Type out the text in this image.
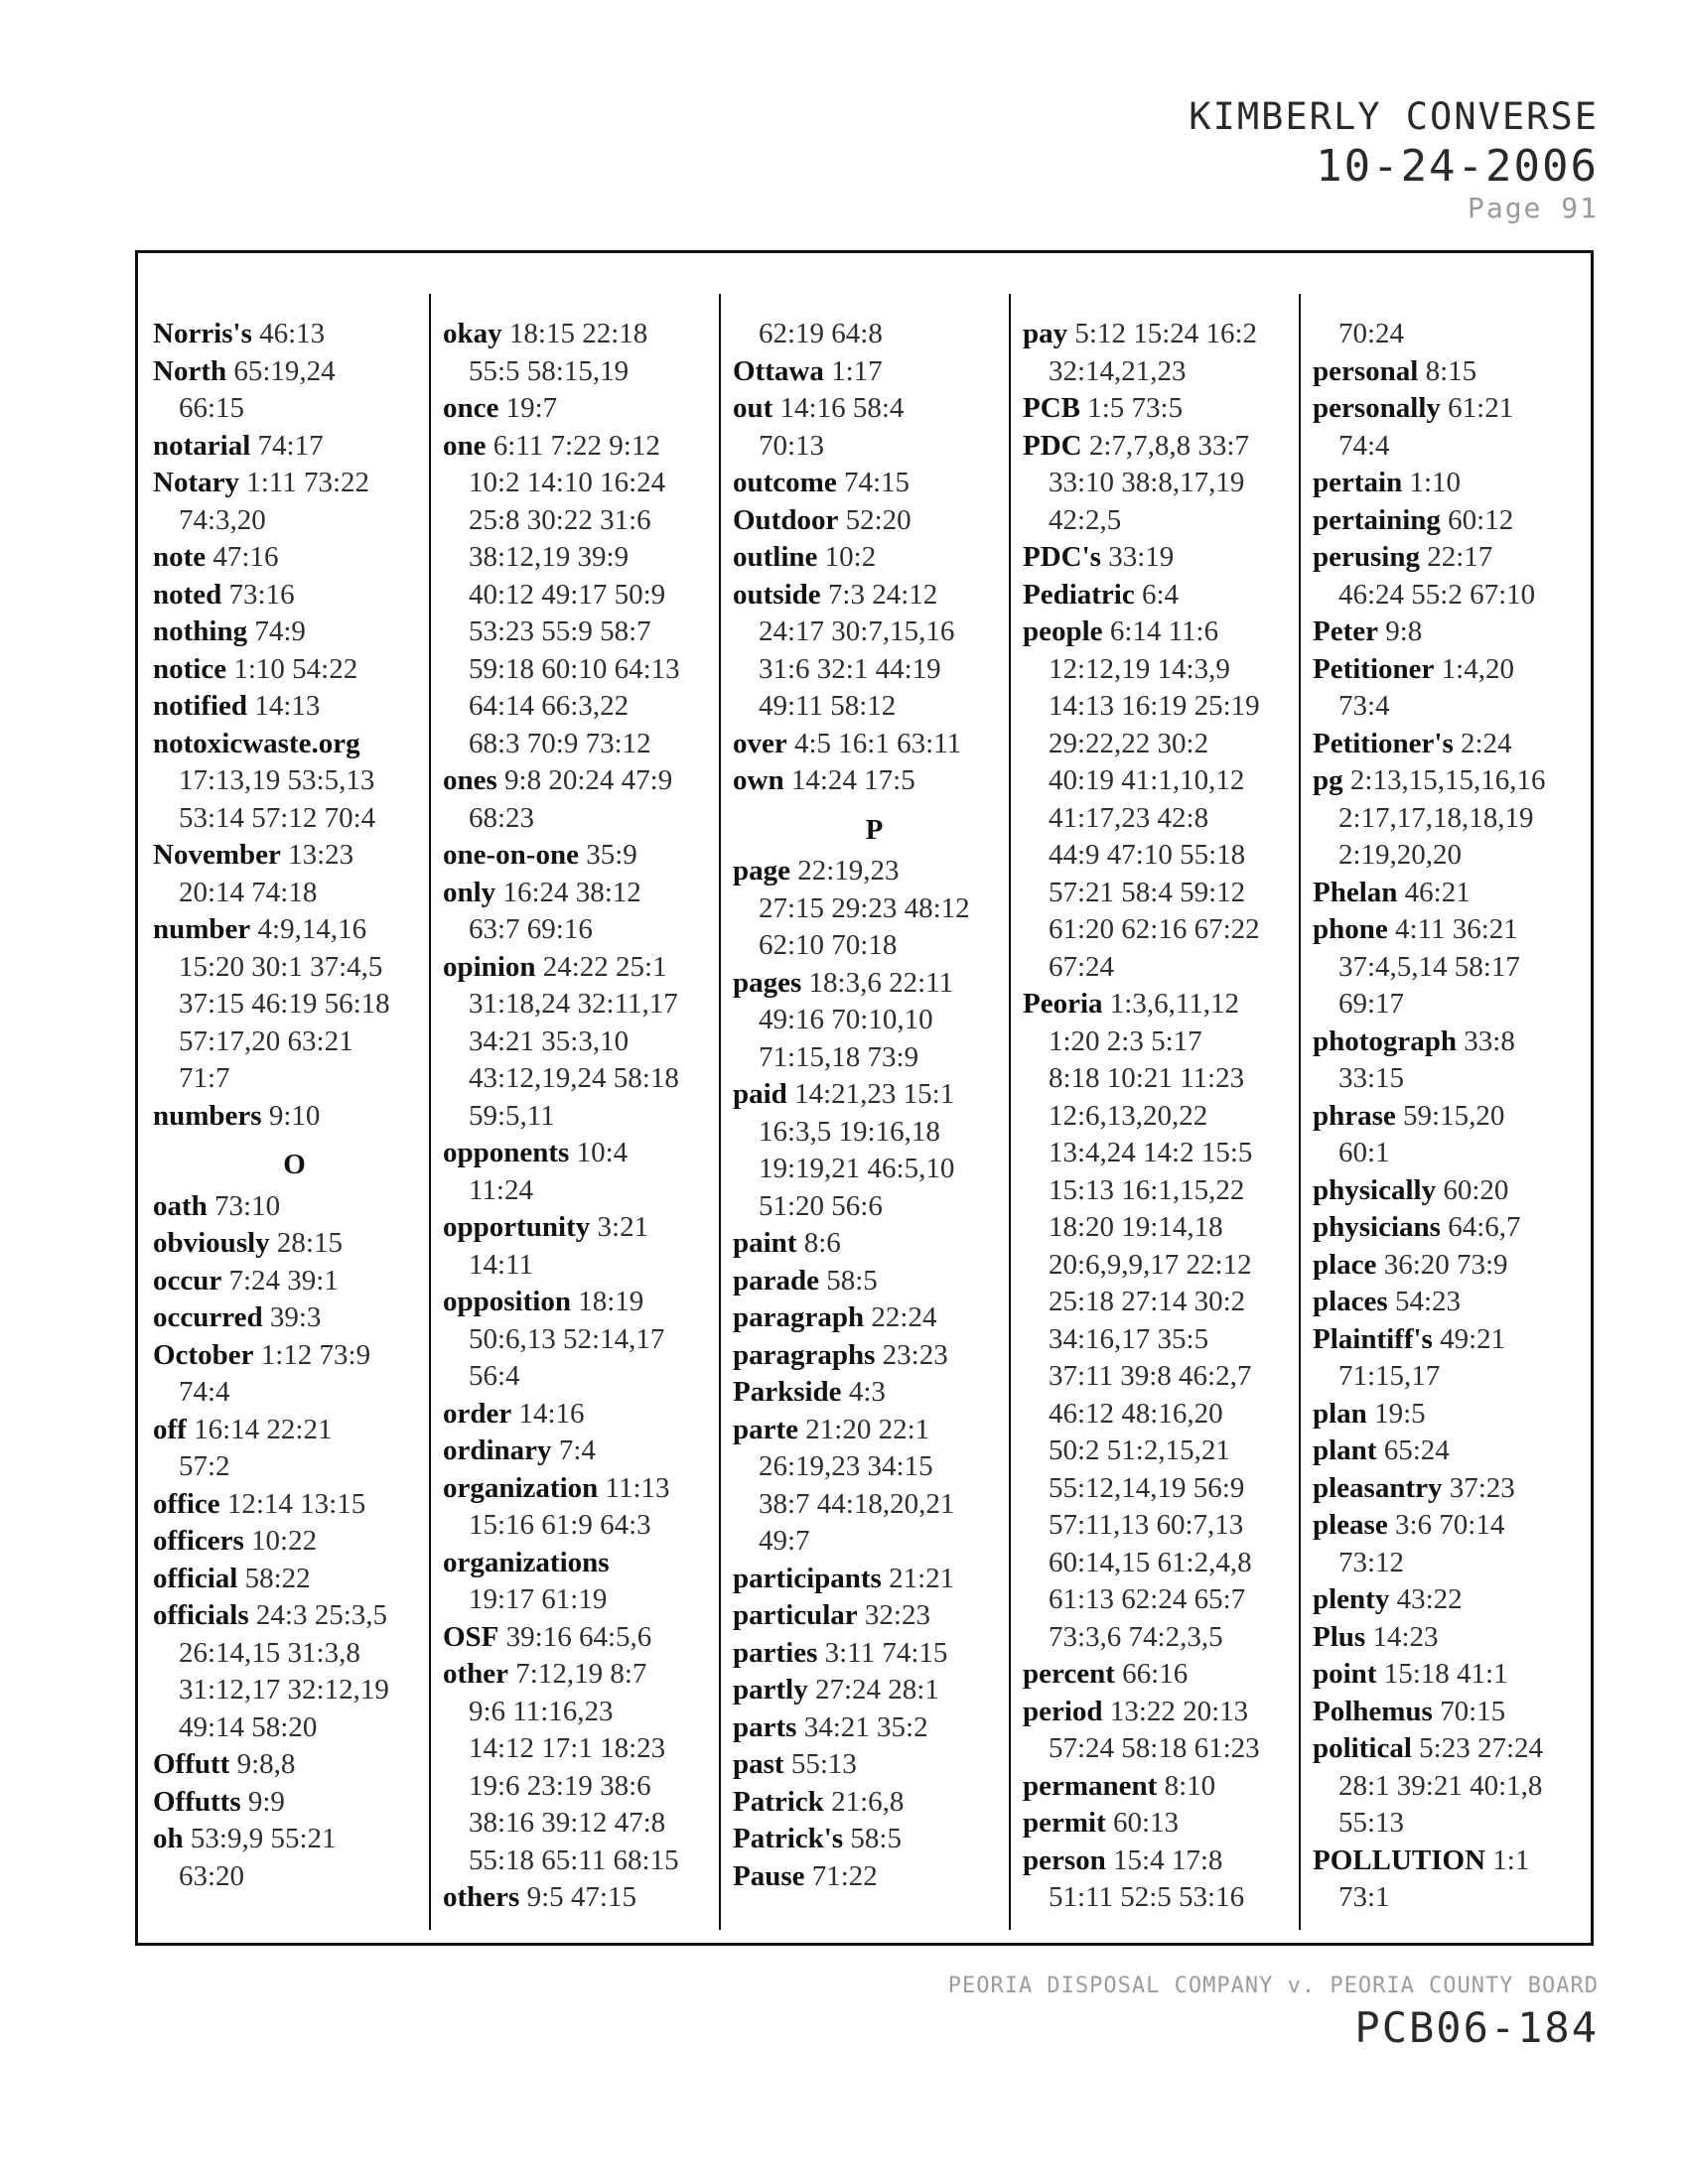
KIMBERLY CONVERSE
10-24-2006
Page 91
Norris's 46:13
North 65:19,24
66:15
notarial 74:17
Notary 1:11 73:22
74:3,20
note 47:16
noted 73:16
nothing 74:9
notice 1:10 54:22
notified 14:13
notoxicwaste.org
17:13,19 53:5,13
53:14 57:12 70:4
November 13:23
20:14 74:18
number 4:9,14,16
15:20 30:1 37:4,5
37:15 46:19 56:18
57:17,20 63:21
71:7
numbers 9:10
O
oath 73:10
obviously 28:15
occur 7:24 39:1
occurred 39:3
October 1:12 73:9
74:4
off 16:14 22:21
57:2
office 12:14 13:15
officers 10:22
official 58:22
officials 24:3 25:3,5
26:14,15 31:3,8
31:12,17 32:12,19
49:14 58:20
Offutt 9:8,8
Offutts 9:9
oh 53:9,9 55:21
63:20
okay 18:15 22:18
55:5 58:15,19
once 19:7
one 6:11 7:22 9:12
10:2 14:10 16:24
25:8 30:22 31:6
38:12,19 39:9
40:12 49:17 50:9
53:23 55:9 58:7
59:18 60:10 64:13
64:14 66:3,22
68:3 70:9 73:12
ones 9:8 20:24 47:9
68:23
one-on-one 35:9
only 16:24 38:12
63:7 69:16
opinion 24:22 25:1
31:18,24 32:11,17
34:21 35:3,10
43:12,19,24 58:18
59:5,11
opponents 10:4
11:24
opportunity 3:21
14:11
opposition 18:19
50:6,13 52:14,17
56:4
order 14:16
ordinary 7:4
organization 11:13
15:16 61:9 64:3
organizations
19:17 61:19
OSF 39:16 64:5,6
other 7:12,19 8:7
9:6 11:16,23
14:12 17:1 18:23
19:6 23:19 38:6
38:16 39:12 47:8
55:18 65:11 68:15
others 9:5 47:15
62:19 64:8
Ottawa 1:17
out 14:16 58:4
70:13
outcome 74:15
Outdoor 52:20
outline 10:2
outside 7:3 24:12
24:17 30:7,15,16
31:6 32:1 44:19
49:11 58:12
over 4:5 16:1 63:11
own 14:24 17:5
P
page 22:19,23
27:15 29:23 48:12
62:10 70:18
pages 18:3,6 22:11
49:16 70:10,10
71:15,18 73:9
paid 14:21,23 15:1
16:3,5 19:16,18
19:19,21 46:5,10
51:20 56:6
paint 8:6
parade 58:5
paragraph 22:24
paragraphs 23:23
Parkside 4:3
parte 21:20 22:1
26:19,23 34:15
38:7 44:18,20,21
49:7
participants 21:21
particular 32:23
parties 3:11 74:15
partly 27:24 28:1
parts 34:21 35:2
past 55:13
Patrick 21:6,8
Patrick's 58:5
Pause 71:22
pay 5:12 15:24 16:2
32:14,21,23
PCB 1:5 73:5
PDC 2:7,7,8,8 33:7
33:10 38:8,17,19
42:2,5
PDC's 33:19
Pediatric 6:4
people 6:14 11:6
12:12,19 14:3,9
14:13 16:19 25:19
29:22,22 30:2
40:19 41:1,10,12
41:17,23 42:8
44:9 47:10 55:18
57:21 58:4 59:12
61:20 62:16 67:22
67:24
Peoria 1:3,6,11,12
1:20 2:3 5:17
8:18 10:21 11:23
12:6,13,20,22
13:4,24 14:2 15:5
15:13 16:1,15,22
18:20 19:14,18
20:6,9,9,17 22:12
25:18 27:14 30:2
34:16,17 35:5
37:11 39:8 46:2,7
46:12 48:16,20
50:2 51:2,15,21
55:12,14,19 56:9
57:11,13 60:7,13
60:14,15 61:2,4,8
61:13 62:24 65:7
73:3,6 74:2,3,5
percent 66:16
period 13:22 20:13
57:24 58:18 61:23
permanent 8:10
permit 60:13
person 15:4 17:8
51:11 52:5 53:16
70:24
personal 8:15
personally 61:21
74:4
pertain 1:10
pertaining 60:12
perusing 22:17
46:24 55:2 67:10
Peter 9:8
Petitioner 1:4,20
73:4
Petitioner's 2:24
pg 2:13,15,15,16,16
2:17,17,18,18,19
2:19,20,20
Phelan 46:21
phone 4:11 36:21
37:4,5,14 58:17
69:17
photograph 33:8
33:15
phrase 59:15,20
60:1
physically 60:20
physicians 64:6,7
place 36:20 73:9
places 54:23
Plaintiff's 49:21
71:15,17
plan 19:5
plant 65:24
pleasantry 37:23
please 3:6 70:14
73:12
plenty 43:22
Plus 14:23
point 15:18 41:1
Polhemus 70:15
political 5:23 27:24
28:1 39:21 40:1,8
55:13
POLLUTION 1:1
73:1
PEORIA DISPOSAL COMPANY v. PEORIA COUNTY BOARD
PCB06-184
